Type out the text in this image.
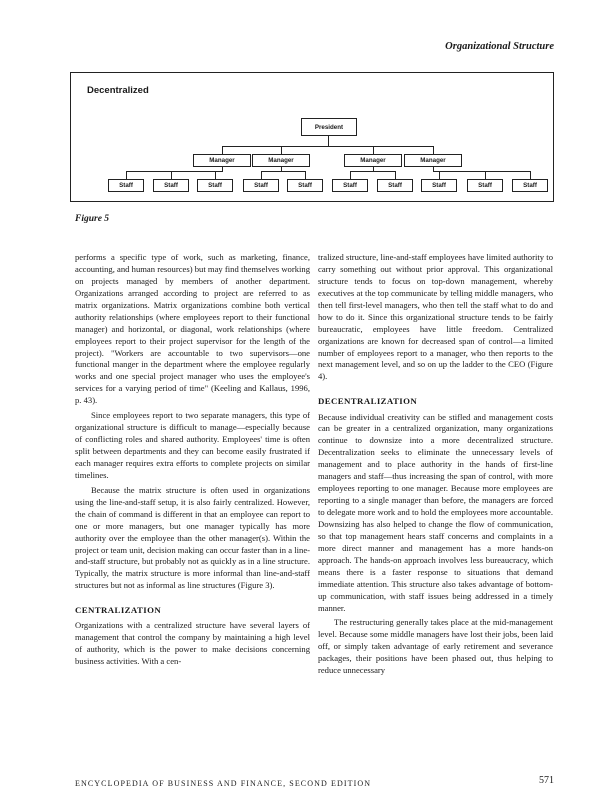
Organizational Structure
Decentralized
President
Manager	Manager	Manager	Manager
Staff	Staff	Staff	Staff	Staff	Staff	Staff	Staff	Staff	Staff
Figure 5

performs a specific type of work, such as marketing, finance, accounting, and human resources) but may find themselves working on projects managed by members of another department. Organizations arranged according to project are referred to as matrix organizations. Matrix organizations combine both vertical authority relationships (where employees report to their functional manager) and horizontal, or diagonal, work relationships (where employees report to their project supervisor for the length of the project). "Workers are accountable to two supervisors—one functional manger in the department where the employee regularly works and one special project manager who uses the employee's services for a varying period of time" (Keeling and Kallaus, 1996, p. 43).

Since employees report to two separate managers, this type of organizational structure is difficult to manage—especially because of conflicting roles and shared authority. Employees' time is often split between departments and they can become easily frustrated if each manager requires extra efforts to complete projects on similar timelines.

Because the matrix structure is often used in organizations using the line-and-staff setup, it is also fairly centralized. However, the chain of command is different in that an employee can report to one or more managers, but one manager typically has more authority over the employee than the other manager(s). Within the project or team unit, decision making can occur faster than in a line-and-staff structure, but probably not as quickly as in a line structure. Typically, the matrix structure is more informal than line-and-staff structures but not as informal as line structures (Figure 3).

CENTRALIZATION

Organizations with a centralized structure have several layers of management that control the company by maintaining a high level of authority, which is the power to make decisions concerning business activities. With a cen-

tralized structure, line-and-staff employees have limited authority to carry something out without prior approval. This organizational structure tends to focus on top-down management, whereby executives at the top communicate by telling middle managers, who then tell first-level managers, who then tell the staff what to do and how to do it. Since this organizational structure tends to be fairly bureaucratic, employees have little freedom. Centralized organizations are known for decreased span of control—a limited number of employees report to a manager, who then reports to the next management level, and so on up the ladder to the CEO (Figure 4).

DECENTRALIZATION

Because individual creativity can be stifled and management costs can be greater in a centralized organization, many organizations continue to downsize into a more decentralized structure. Decentralization seeks to eliminate the unnecessary levels of management and to place authority in the hands of first-line managers and staff—thus increasing the span of control, with more employees reporting to one manager. Because more employees are reporting to a single manager than before, the managers are forced to delegate more work and to hold the employees more accountable. Downsizing has also helped to change the flow of communication, so that top management hears staff concerns and complaints in a more direct manner and management has a more hands-on approach. The hands-on approach involves less bureaucracy, which means there is a faster response to situations that demand immediate attention. This structure also takes advantage of bottom-up communication, with staff issues being addressed in a timely manner.

The restructuring generally takes place at the mid-management level. Because some middle managers have lost their jobs, been laid off, or simply taken advantage of early retirement and severance packages, their positions have been phased out, thus helping to reduce unnecessary

ENCYCLOPEDIA OF BUSINESS AND FINANCE, SECOND EDITION	571
